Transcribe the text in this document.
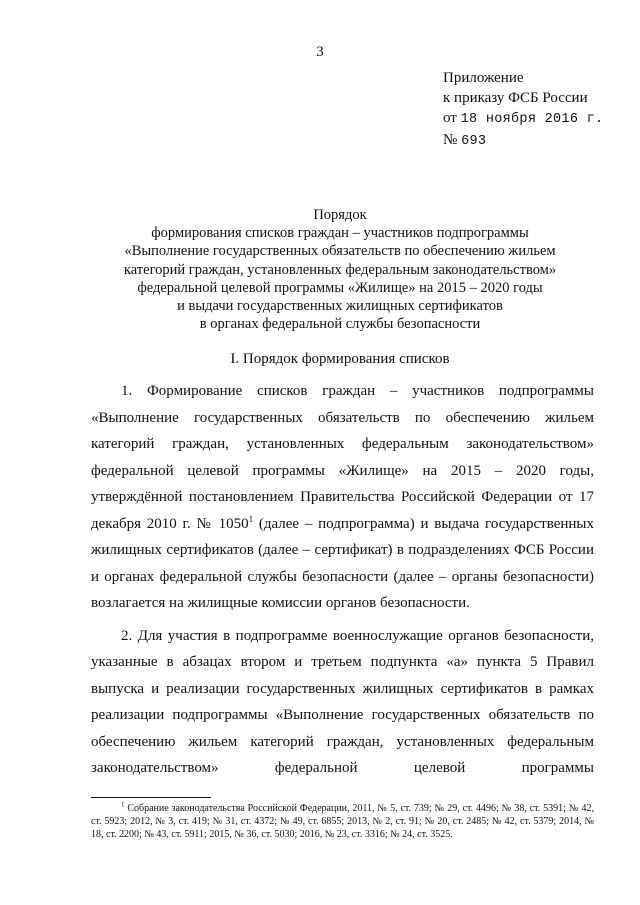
3
Приложение
к приказу ФСБ России
от 18 ноября 2016 г.
№ 693
Порядок
формирования списков граждан – участников подпрограммы
«Выполнение государственных обязательств по обеспечению жильем
категорий граждан, установленных федеральным законодательством»
федеральной целевой программы «Жилище» на 2015 – 2020 годы
и выдачи государственных жилищных сертификатов
в органах федеральной службы безопасности
I. Порядок формирования списков

1. Формирование списков граждан – участников подпрограммы «Выполнение государственных обязательств по обеспечению жильем категорий граждан, установленных федеральным законодательством» федеральной целевой программы «Жилище» на 2015 – 2020 годы, утверждённой постановлением Правительства Российской Федерации от 17 декабря 2010 г. № 1050$^1$ (далее – подпрограмма) и выдача государственных жилищных сертификатов (далее – сертификат) в подразделениях ФСБ России и органах федеральной службы безопасности (далее – органы безопасности) возлагается на жилищные комиссии органов безопасности.

2. Для участия в подпрограмме военнослужащие органов безопасности, указанные в абзацах втором и третьем подпункта «а» пункта 5 Правил выпуска и реализации государственных жилищных сертификатов в рамках реализации подпрограммы «Выполнение государственных обязательств по обеспечению жильем категорий граждан, установленных федеральным законодательством» федеральной целевой программы

$^1$ Собрание законодательства Российской Федерации, 2011, № 5, ст. 739; № 29, ст. 4496; № 38, ст. 5391; № 42, ст. 5923; 2012, № 3, ст. 419; № 31, ст. 4372; № 49, ст. 6855; 2013, № 2, ст. 91; № 20, ст. 2485; № 42, ст. 5379; 2014, № 18, ст. 2200; № 43, ст. 5911; 2015, № 36, ст. 5030; 2016, № 23, ст. 3316; № 24, ст. 3525.
